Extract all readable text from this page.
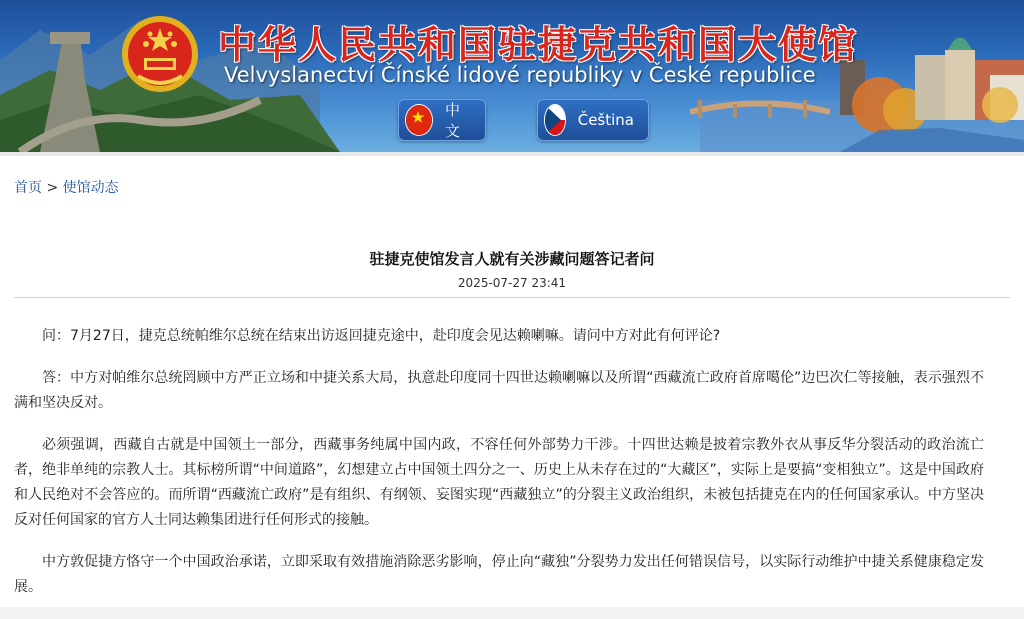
中华人民共和国驻捷克共和国大使馆
Velvyslanectví Čínské lidové republiky v České republice
中文
Čeština
首页 > 使馆动态
驻捷克使馆发言人就有关涉藏问题答记者问
2025-07-27 23:41

问：7月27日，捷克总统帕维尔总统在结束出访返回捷克途中，赴印度会见达赖喇嘛。请问中方对此有何评论?

答：中方对帕维尔总统罔顾中方严正立场和中捷关系大局，执意赴印度同十四世达赖喇嘛以及所谓“西藏流亡政府首席噶伦”边巴次仁等接触，表示强烈不满和坚决反对。

必须强调，西藏自古就是中国领土一部分，西藏事务纯属中国内政，不容任何外部势力干涉。十四世达赖是披着宗教外衣从事反华分裂活动的政治流亡者，绝非单纯的宗教人士。其标榜所谓“中间道路”，幻想建立占中国领土四分之一、历史上从未存在过的“大藏区”，实际上是要搞“变相独立”。这是中国政府和人民绝对不会答应的。而所谓“西藏流亡政府”是有组织、有纲领、妄图实现“西藏独立”的分裂主义政治组织，未被包括捷克在内的任何国家承认。中方坚决反对任何国家的官方人士同达赖集团进行任何形式的接触。

中方敦促捷方恪守一个中国政治承诺，立即采取有效措施消除恶劣影响，停止向“藏独”分裂势力发出任何错误信号，以实际行动维护中捷关系健康稳定发展。
